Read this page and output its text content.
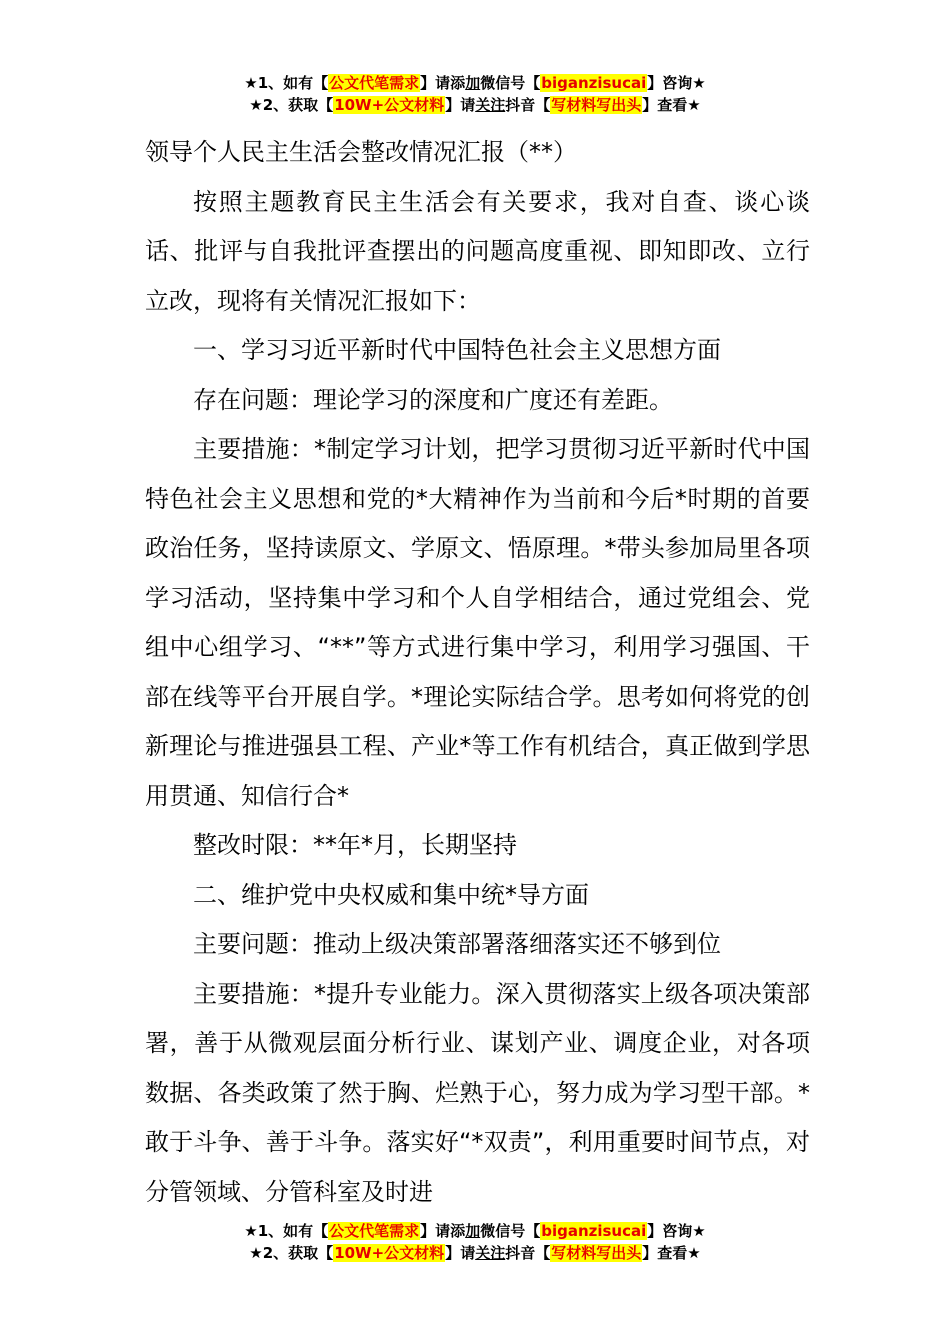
★1、如有【公文代笔需求】请添加微信号【biganzisucai】咨询★
★2、获取【10W+公文材料】请关注抖音【写材料写出头】查看★
领导个人民主生活会整改情况汇报（**）

按照主题教育民主生活会有关要求，我对自查、谈心谈话、批评与自我批评查摆出的问题高度重视、即知即改、立行立改，现将有关情况汇报如下：

一、学习习近平新时代中国特色社会主义思想方面

存在问题：理论学习的深度和广度还有差距。

主要措施：*制定学习计划，把学习贯彻习近平新时代中国特色社会主义思想和党的*大精神作为当前和今后*时期的首要政治任务，坚持读原文、学原文、悟原理。*带头参加局里各项学习活动，坚持集中学习和个人自学相结合，通过党组会、党组中心组学习、“**”等方式进行集中学习，利用学习强国、干部在线等平台开展自学。*理论实际结合学。思考如何将党的创新理论与推进强县工程、产业*等工作有机结合，真正做到学思用贯通、知信行合*

整改时限：**年*月，长期坚持

二、维护党中央权威和集中统*导方面

主要问题：推动上级决策部署落细落实还不够到位

主要措施：*提升专业能力。深入贯彻落实上级各项决策部署，善于从微观层面分析行业、谋划产业、调度企业，对各项数据、各类政策了然于胸、烂熟于心，努力成为学习型干部。*敢于斗争、善于斗争。落实好“*双责”，利用重要时间节点，对分管领域、分管科室及时进

★1、如有【公文代笔需求】请添加微信号【biganzisucai】咨询★
★2、获取【10W+公文材料】请关注抖音【写材料写出头】查看★
